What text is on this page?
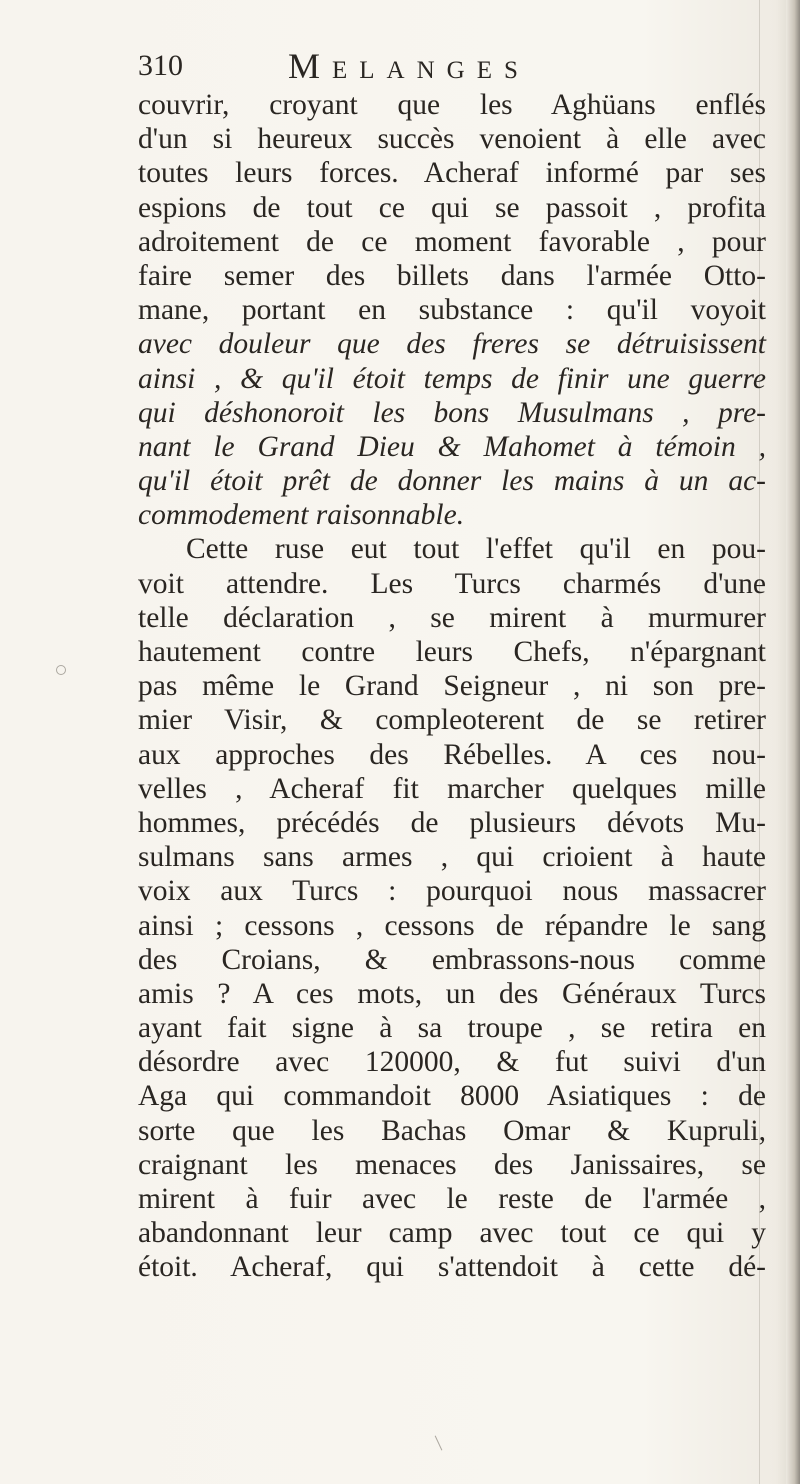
310	Melanges
couvrir, croyant que les Aghüans enflés
d'un si heureux succès venoient à elle avec
toutes leurs forces. Acheraf informé par ses
espions de tout ce qui se passoit , profita
adroitement de ce moment favorable , pour
faire semer des billets dans l'armée Otto-
mane, portant en substance : qu'il voyoit
avec douleur que des freres se détruisissent
ainsi , & qu'il étoit temps de finir une guerre
qui déshonoroit les bons Musulmans , pre-
nant le Grand Dieu & Mahomet à témoin ,
qu'il étoit prêt de donner les mains à un ac-
commodement raisonnable.
Cette ruse eut tout l'effet qu'il en pou-
voit attendre. Les Turcs charmés d'une
telle déclaration , se mirent à murmurer
hautement contre leurs Chefs, n'épargnant
pas même le Grand Seigneur , ni son pre-
mier Visir, & compleoterent de se retirer
aux approches des Rébelles. A ces nou-
velles , Acheraf fit marcher quelques mille
hommes, précédés de plusieurs dévots Mu-
sulmans sans armes , qui crioient à haute
voix aux Turcs : pourquoi nous massacrer
ainsi ; cessons , cessons de répandre le sang
des Croians, & embrassons-nous comme
amis ? A ces mots, un des Généraux Turcs
ayant fait signe à sa troupe , se retira en
désordre avec 120000, & fut suivi d'un
Aga qui commandoit 8000 Asiatiques : de
sorte que les Bachas Omar & Kupruli,
craignant les menaces des Janissaires, se
mirent à fuir avec le reste de l'armée ,
abandonnant leur camp avec tout ce qui y
étoit. Acheraf, qui s'attendoit à cette dé-
